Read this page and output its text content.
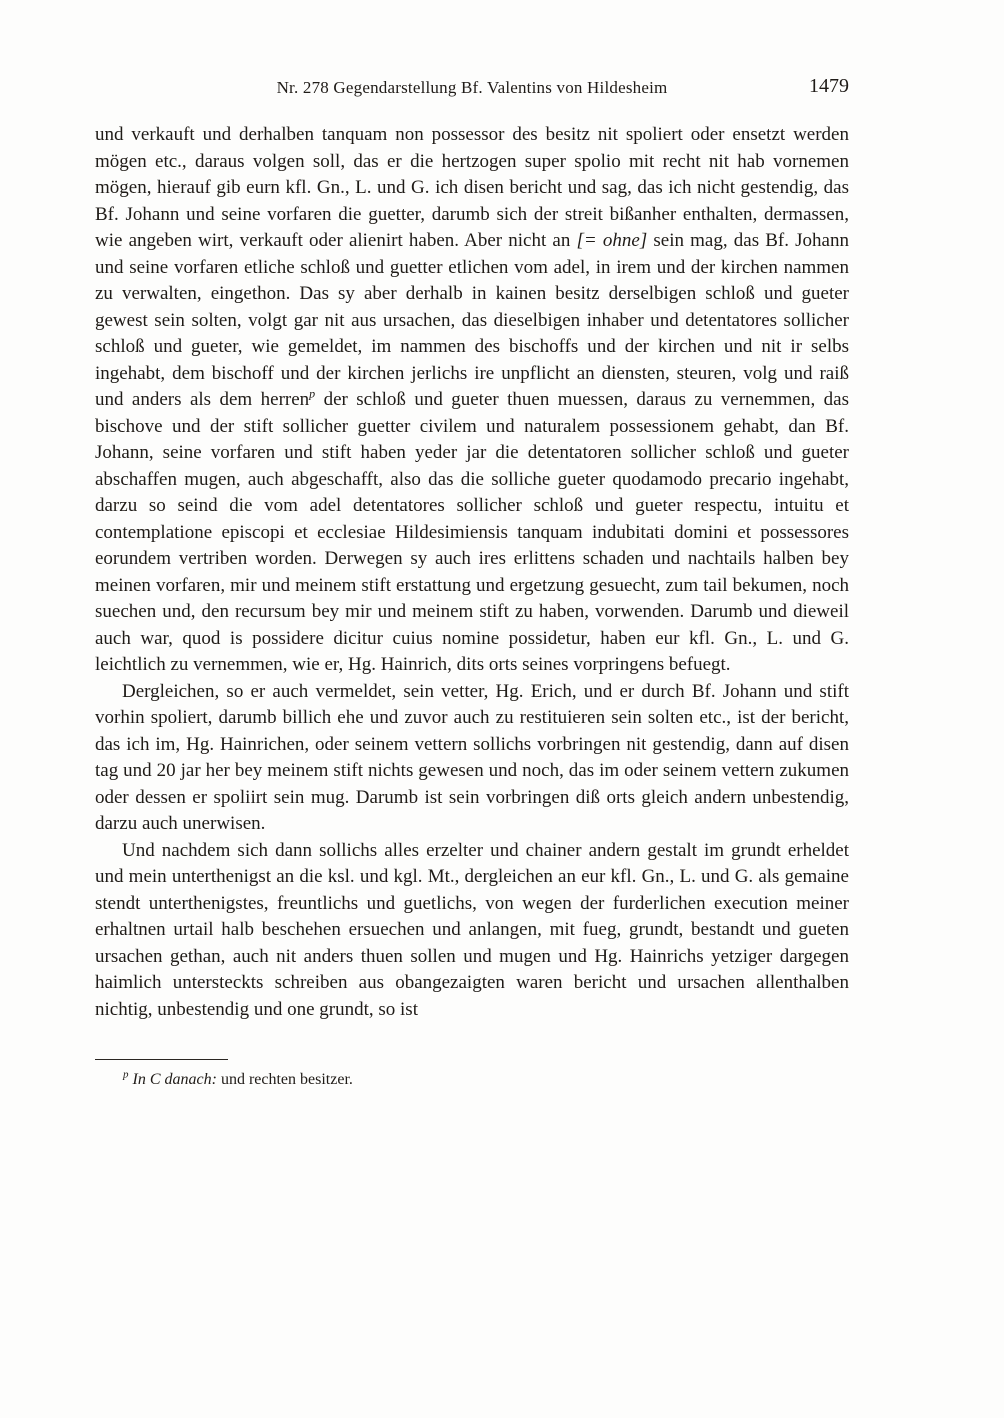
Nr. 278 Gegendarstellung Bf. Valentins von Hildesheim	1479

und verkauft und derhalben tanquam non possessor des besitz nit spoliert oder ensetzt werden mögen etc., daraus volgen soll, das er die hertzogen super spolio mit recht nit hab vornemen mögen, hierauf gib eurn kfl. Gn., L. und G. ich disen bericht und sag, das ich nicht gestendig, das Bf. Johann und seine vorfaren die guetter, darumb sich der streit bißanher enthalten, dermassen, wie angeben wirt, verkauft oder alienirt haben. Aber nicht an [= ohne] sein mag, das Bf. Johann und seine vorfaren etliche schloß und guetter etlichen vom adel, in irem und der kirchen nammen zu verwalten, eingethon. Das sy aber derhalb in kainen besitz derselbigen schloß und gueter gewest sein solten, volgt gar nit aus ursachen, das dieselbigen inhaber und detentatores sollicher schloß und gueter, wie gemeldet, im nammen des bischoffs und der kirchen und nit ir selbs ingehabt, dem bischoff und der kirchen jerlichs ire unpflicht an diensten, steuren, volg und raiß und anders als dem herren$^p$ der schloß und gueter thuen muessen, daraus zu vernemmen, das bischove und der stift sollicher guetter civilem und naturalem possessionem gehabt, dan Bf. Johann, seine vorfaren und stift haben yeder jar die detentatoren sollicher schloß und gueter abschaffen mugen, auch abgeschafft, also das die solliche gueter quodamodo precario ingehabt, darzu so seind die vom adel detentatores sollicher schloß und gueter respectu, intuitu et contemplatione episcopi et ecclesiae Hildesimiensis tanquam indubitati domini et possessores eorundem vertriben worden. Derwegen sy auch ires erlittens schaden und nachtails halben bey meinen vorfaren, mir und meinem stift erstattung und ergetzung gesuecht, zum tail bekumen, noch suechen und, den recursum bey mir und meinem stift zu haben, vorwenden. Darumb und dieweil auch war, quod is possidere dicitur cuius nomine possidetur, haben eur kfl. Gn., L. und G. leichtlich zu vernemmen, wie er, Hg. Hainrich, dits orts seines vorpringens befuegt.

Dergleichen, so er auch vermeldet, sein vetter, Hg. Erich, und er durch Bf. Johann und stift vorhin spoliert, darumb billich ehe und zuvor auch zu restituieren sein solten etc., ist der bericht, das ich im, Hg. Hainrichen, oder seinem vettern sollichs vorbringen nit gestendig, dann auf disen tag und 20 jar her bey meinem stift nichts gewesen und noch, das im oder seinem vettern zukumen oder dessen er spoliirt sein mug. Darumb ist sein vorbringen diß orts gleich andern unbestendig, darzu auch unerwisen.

Und nachdem sich dann sollichs alles erzelter und chainer andern gestalt im grundt erheldet und mein unterthenigst an die ksl. und kgl. Mt., dergleichen an eur kfl. Gn., L. und G. als gemaine stendt unterthenigstes, freuntlichs und guetlichs, von wegen der furderlichen execution meiner erhaltnen urtail halb beschehen ersuechen und anlangen, mit fueg, grundt, bestandt und gueten ursachen gethan, auch nit anders thuen sollen und mugen und Hg. Hainrichs yetziger dargegen haimlich untersteckts schreiben aus obangezaigten waren bericht und ursachen allenthalben nichtig, unbestendig und one grundt, so ist

$^p$ In C danach: und rechten besitzer.
